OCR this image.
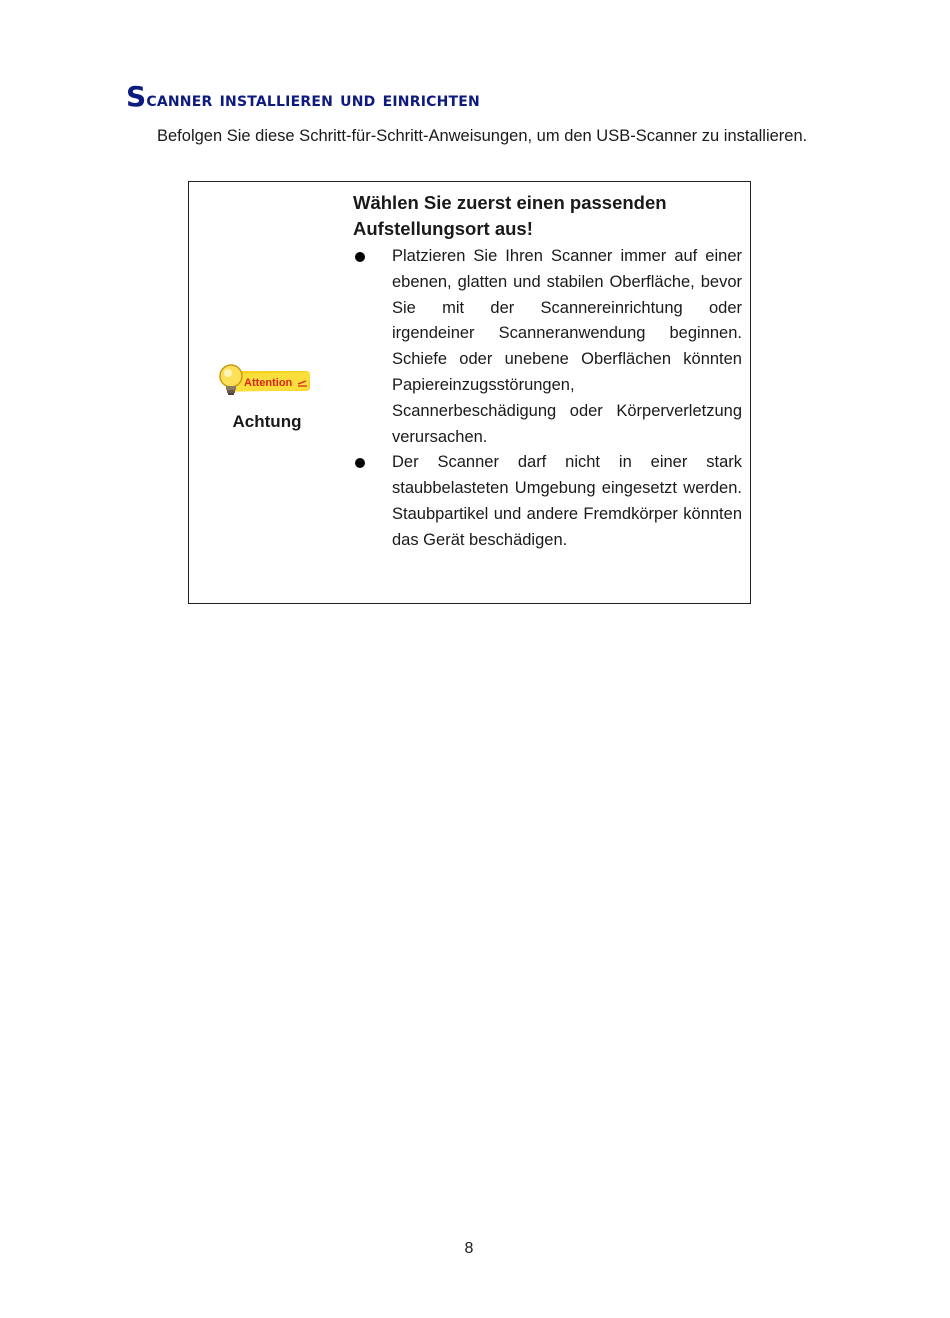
Scanner installieren und einrichten

Befolgen Sie diese Schritt-für-Schritt-Anweisungen, um den USB-Scanner zu installieren.

Attention
Achtung

Wählen Sie zuerst einen passenden Aufstellungsort aus!

Platzieren Sie Ihren Scanner immer auf einer ebenen, glatten und stabilen Oberfläche, bevor Sie mit der Scannereinrichtung oder irgendeiner Scanneranwendung beginnen. Schiefe oder unebene Oberflächen könnten Papiereinzugsstörungen, Scannerbeschädigung oder Körperverletzung verursachen.
Der Scanner darf nicht in einer stark staubbelasteten Umgebung eingesetzt werden. Staubpartikel und andere Fremdkörper könnten das Gerät beschädigen.
8
